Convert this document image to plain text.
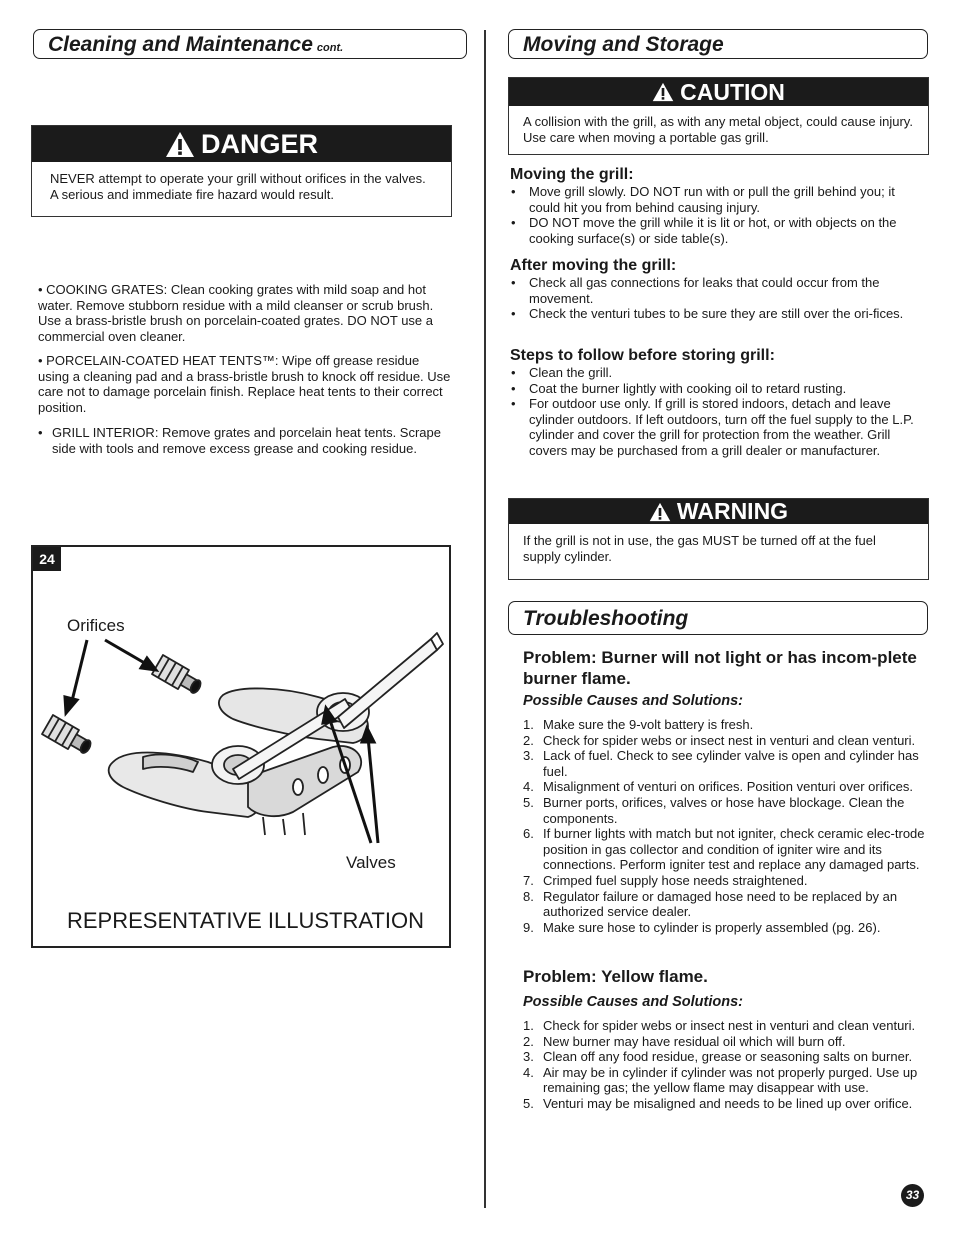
Cleaning and Maintenance cont.
DANGER
NEVER attempt to operate your grill without orifices in the valves. A serious and immediate fire hazard would result.
• COOKING GRATES: Clean cooking grates with mild soap and hot water. Remove stubborn residue with a mild cleanser or scrub brush. Use a brass-bristle brush on porcelain-coated grates. DO NOT use a commercial oven cleaner.
• PORCELAIN-COATED HEAT TENTS™: Wipe off grease residue using a cleaning pad and a brass-bristle brush to knock off residue. Use care not to damage porcelain finish. Replace heat tents to their correct position.
• GRILL INTERIOR: Remove grates and porcelain heat tents. Scrape side with tools and remove excess grease and cooking residue.
24
Orifices
Valves
REPRESENTATIVE ILLUSTRATION
Moving and Storage
CAUTION
A collision with the grill, as with any metal object, could cause injury. Use care when moving a portable gas grill.
Moving the grill:
• Move grill slowly. DO NOT run with or pull the grill behind you; it could hit you from behind causing injury.
• DO NOT move the grill while it is lit or hot, or with objects on the cooking surface(s) or side table(s).
After moving the grill:
• Check all gas connections for leaks that could occur from the movement.
• Check the venturi tubes to be sure they are still over the ori-fices.
Steps to follow before storing grill:
• Clean the grill.
• Coat the burner lightly with cooking oil to retard rusting.
• For outdoor use only. If grill is stored indoors, detach and leave cylinder outdoors. If left outdoors, turn off the fuel supply to the L.P. cylinder and cover the grill for protection from the weather. Grill covers may be purchased from a grill dealer or manufacturer.
WARNING
If the grill is not in use, the gas MUST be turned off at the fuel supply cylinder.
Troubleshooting
Problem: Burner will not light or has incom-plete burner flame.
Possible Causes and Solutions:
1. Make sure the 9-volt battery is fresh.
2. Check for spider webs or insect nest in venturi and clean venturi.
3. Lack of fuel. Check to see cylinder valve is open and cylinder has fuel.
4. Misalignment of venturi on orifices. Position venturi over orifices.
5. Burner ports, orifices, valves or hose have blockage. Clean the components.
6. If burner lights with match but not igniter, check ceramic elec-trode position in gas collector and condition of igniter wire and its connections. Perform igniter test and replace any damaged parts.
7. Crimped fuel supply hose needs straightened.
8. Regulator failure or damaged hose need to be replaced by an authorized service dealer.
9. Make sure hose to cylinder is properly assembled (pg. 26).
Problem: Yellow flame.
Possible Causes and Solutions:
1. Check for spider webs or insect nest in venturi and clean venturi.
2. New burner may have residual oil which will burn off.
3. Clean off any food residue, grease or seasoning salts on burner.
4. Air may be in cylinder if cylinder was not properly purged. Use up remaining gas; the yellow flame may disappear with use.
5. Venturi may be misaligned and needs to be lined up over orifice.
33
